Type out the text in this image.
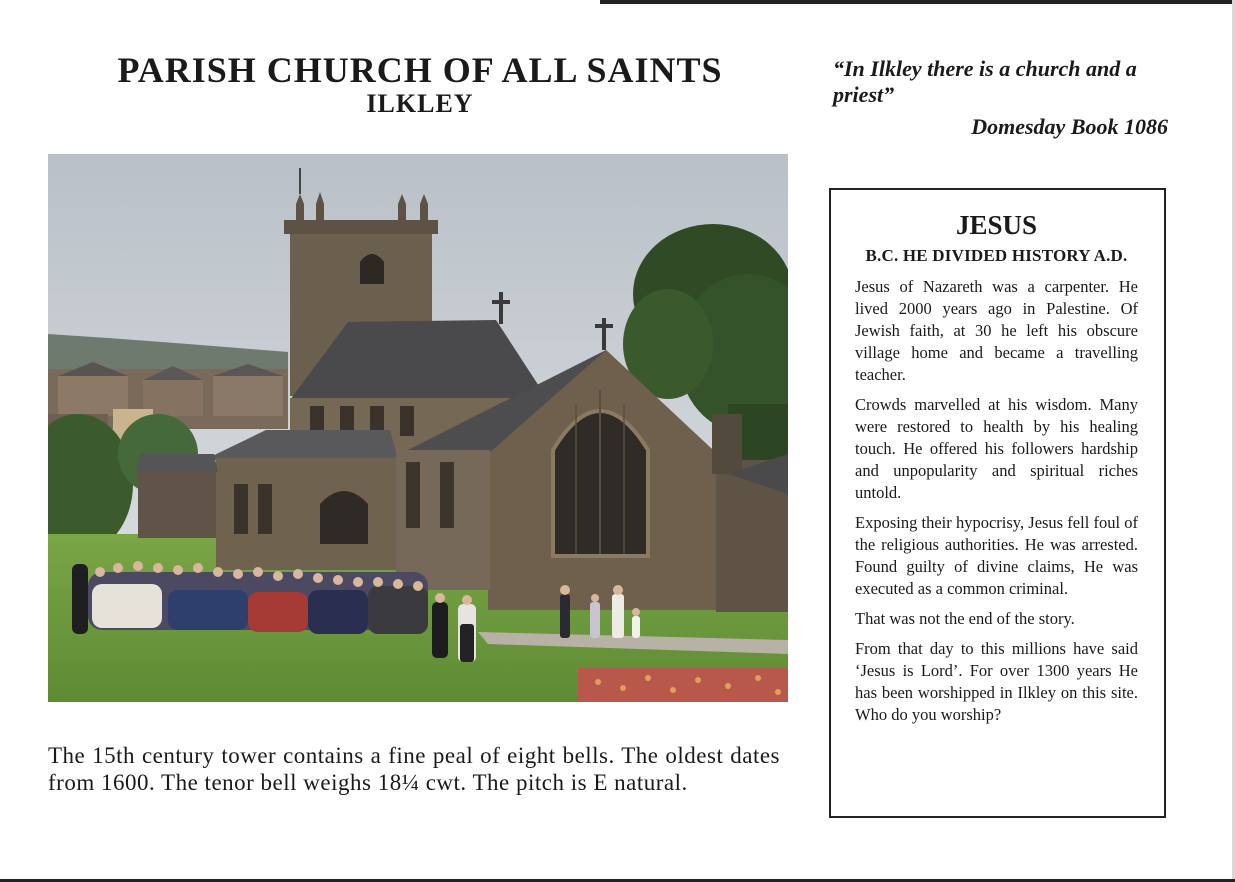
PARISH CHURCH OF ALL SAINTS
ILKLEY
“In Ilkley there is a church and a priest”
Domesday Book 1086

The 15th century tower contains a fine peal of eight bells. The oldest dates from 1600. The tenor bell weighs 18¼ cwt. The pitch is E natural.

JESUS
B.C. HE DIVIDED HISTORY A.D.

Jesus of Nazareth was a carpenter. He lived 2000 years ago in Palestine. Of Jewish faith, at 30 he left his obscure village home and became a travelling teacher.

Crowds marvelled at his wisdom. Many were restored to health by his healing touch. He offered his followers hardship and unpopularity and spiritual riches untold.

Exposing their hypocrisy, Jesus fell foul of the religious authorities. He was arrested. Found guilty of divine claims, He was executed as a common criminal.

That was not the end of the story.

From that day to this millions have said ‘Jesus is Lord’. For over 1300 years He has been worshipped in Ilkley on this site. Who do you worship?
